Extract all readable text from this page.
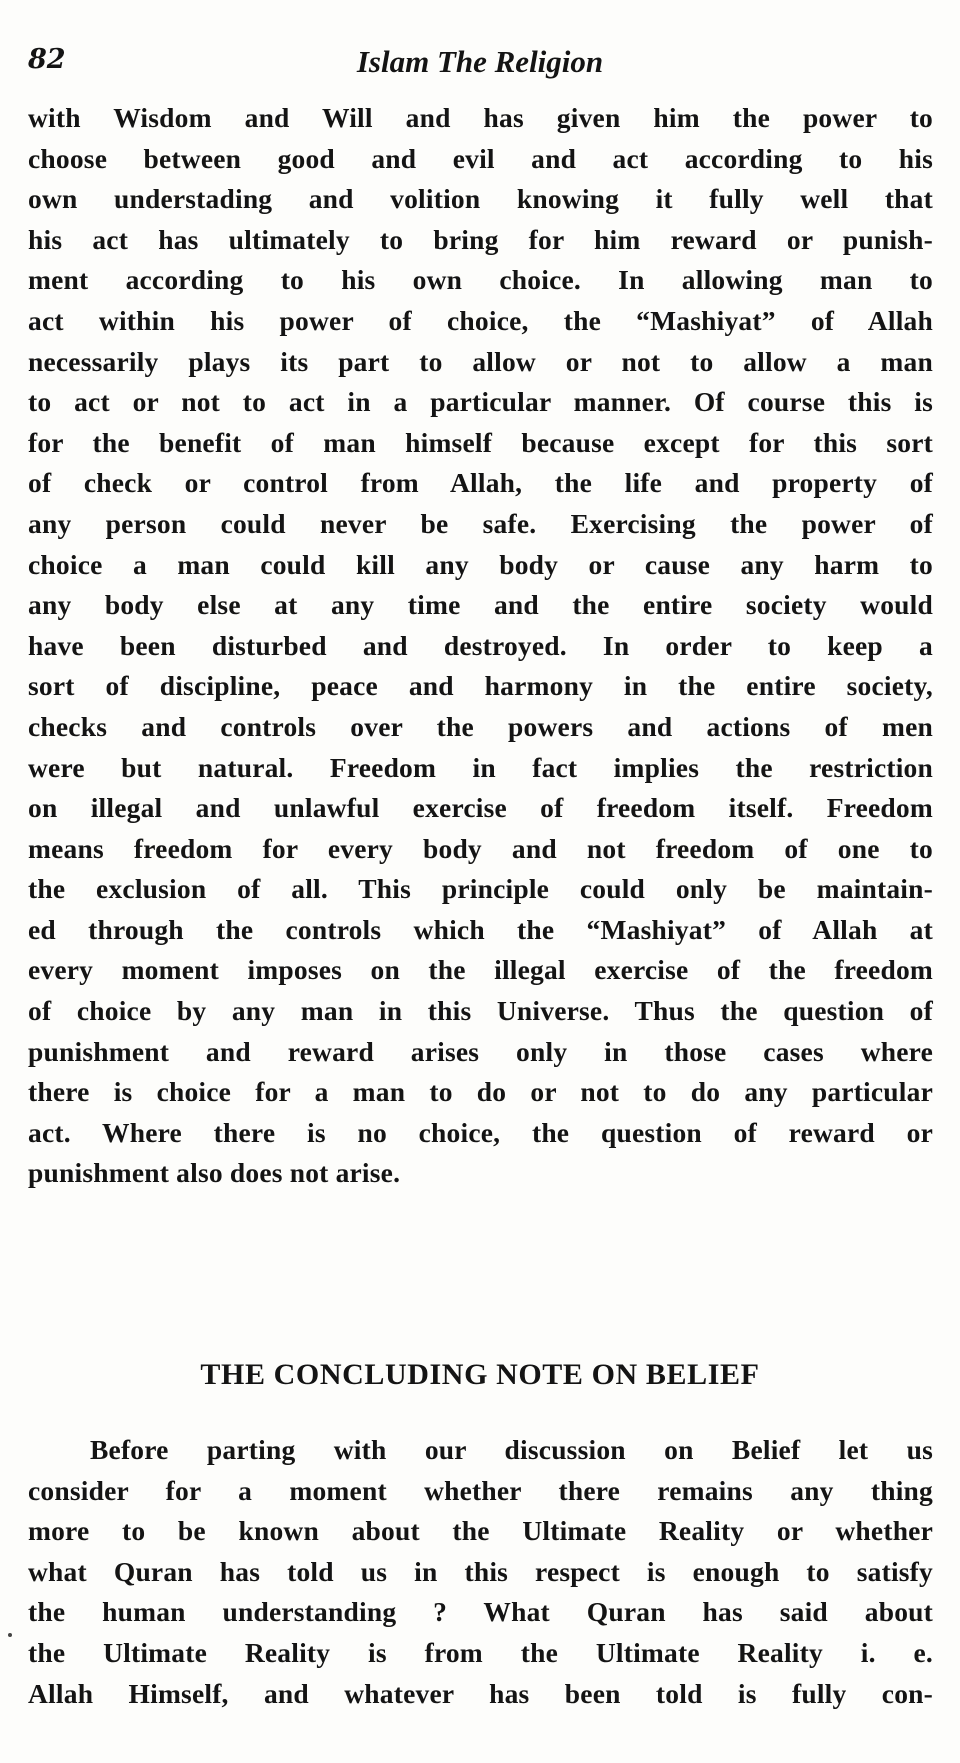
82	Islam The Religion
with Wisdom and Will and has given him the power to
choose between good and evil and act according to his
own understading and volition knowing it fully well that
his act has ultimately to bring for him reward or punish-
ment according to his own choice. In allowing man to
act within his power of choice, the “Mashiyat” of Allah
necessarily plays its part to allow or not to allow a man
to act or not to act in a particular manner. Of course this is
for the benefit of man himself because except for this sort
of check or control from Allah, the life and property of
any person could never be safe. Exercising the power of
choice a man could kill any body or cause any harm to
any body else at any time and the entire society would
have been disturbed and destroyed. In order to keep a
sort of discipline, peace and harmony in the entire society,
checks and controls over the powers and actions of men
were but natural. Freedom in fact implies the restriction
on illegal and unlawful exercise of freedom itself. Freedom
means freedom for every body and not freedom of one to
the exclusion of all. This principle could only be maintain-
ed through the controls which the “Mashiyat” of Allah at
every moment imposes on the illegal exercise of the freedom
of choice by any man in this Universe. Thus the question of
punishment and reward arises only in those cases where
there is choice for a man to do or not to do any particular
act. Where there is no choice, the question of reward or
punishment also does not arise.
THE CONCLUDING NOTE ON BELIEF
Before parting with our discussion on Belief let us
consider for a moment whether there remains any thing
more to be known about the Ultimate Reality or whether
what Quran has told us in this respect is enough to satisfy
the human understanding ? What Quran has said about
the Ultimate Reality is from the Ultimate Reality i. e.
Allah Himself, and whatever has been told is fully con-
